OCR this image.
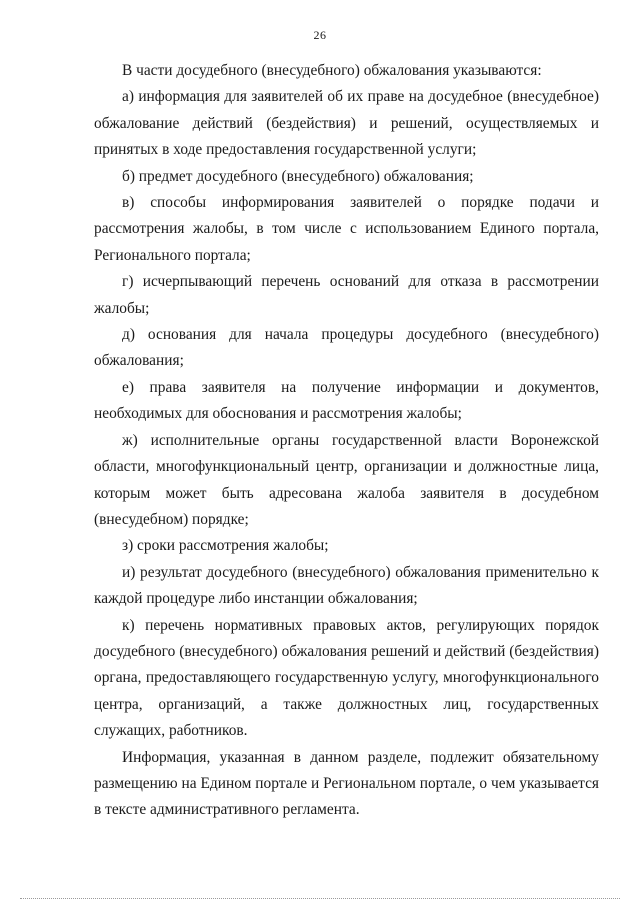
26

В части досудебного (внесудебного) обжалования указываются:

а) информация для заявителей об их праве на досудебное (внесудебное) обжалование действий (бездействия) и решений, осуществляемых и принятых в ходе предоставления государственной услуги;

б) предмет досудебного (внесудебного) обжалования;

в) способы информирования заявителей о порядке подачи и рассмотрения жалобы, в том числе с использованием Единого портала, Регионального портала;

г) исчерпывающий перечень оснований для отказа в рассмотрении жалобы;

д) основания для начала процедуры досудебного (внесудебного) обжалования;

е) права заявителя на получение информации и документов, необходимых для обоснования и рассмотрения жалобы;

ж) исполнительные органы государственной власти Воронежской области, многофункциональный центр, организации и должностные лица, которым может быть адресована жалоба заявителя в досудебном (внесудебном) порядке;

з) сроки рассмотрения жалобы;

и) результат досудебного (внесудебного) обжалования применительно к каждой процедуре либо инстанции обжалования;

к) перечень нормативных правовых актов, регулирующих порядок досудебного (внесудебного) обжалования решений и действий (бездействия) органа, предоставляющего государственную услугу, многофункционального центра, организаций, а также должностных лиц, государственных служащих, работников.

Информация, указанная в данном разделе, подлежит обязательному размещению на Едином портале и Региональном портале, о чем указывается в тексте административного регламента.
